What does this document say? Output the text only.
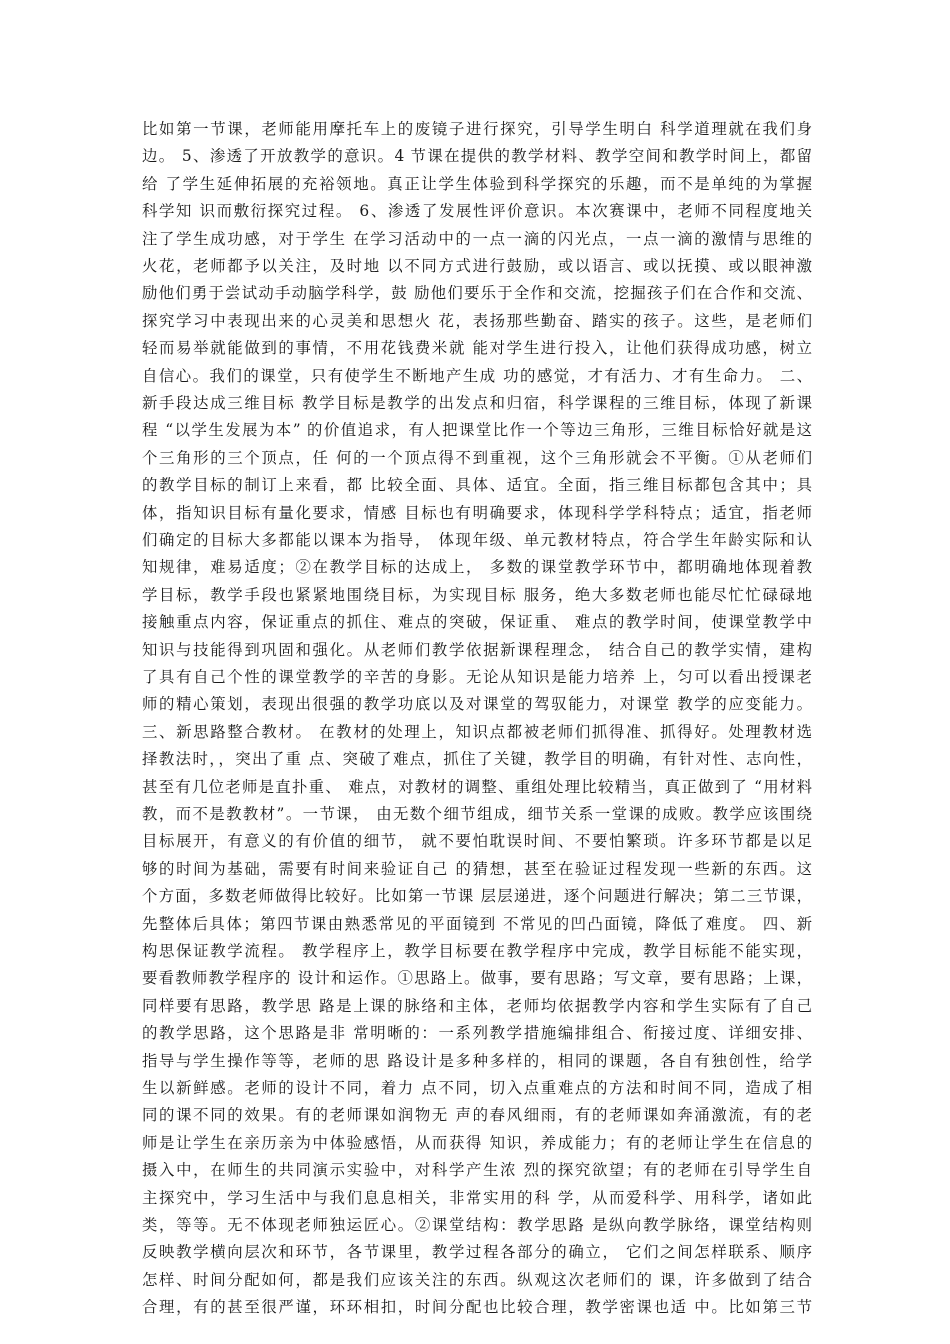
比如第一节课，老师能用摩托车上的废镜子进行探究，引导学生明白 科学道理就在我们身
边。 5、渗透了开放教学的意识。4 节课在提供的教学材料、教学空间和教学时间上，都留
给 了学生延伸拓展的充裕领地。真正让学生体验到科学探究的乐趣，而不是单纯的为掌握
科学知 识而敷衍探究过程。 6、渗透了发展性评价意识。本次赛课中，老师不同程度地关
注了学生成功感，对于学生 在学习活动中的一点一滴的闪光点，一点一滴的激情与思维的
火花，老师都予以关注，及时地 以不同方式进行鼓励，或以语言、或以抚摸、或以眼神激
励他们勇于尝试动手动脑学科学，鼓 励他们要乐于全作和交流，挖掘孩子们在合作和交流、
探究学习中表现出来的心灵美和思想火 花，表扬那些勤奋、踏实的孩子。这些，是老师们
轻而易举就能做到的事情，不用花钱费米就 能对学生进行投入，让他们获得成功感，树立
自信心。我们的课堂，只有使学生不断地产生成 功的感觉，才有活力、才有生命力。 二、
新手段达成三维目标 教学目标是教学的出发点和归宿，科学课程的三维目标，体现了新课
程 “以学生发展为本” 的价值追求，有人把课堂比作一个等边三角形，三维目标恰好就是这
个三角形的三个顶点，任 何的一个顶点得不到重视，这个三角形就会不平衡。①从老师们
的教学目标的制订上来看，都 比较全面、具体、适宜。全面，指三维目标都包含其中；具
体，指知识目标有量化要求，情感 目标也有明确要求，体现科学学科特点；适宜，指老师
们确定的目标大多都能以课本为指导， 体现年级、单元教材特点，符合学生年龄实际和认
知规律，难易适度；②在教学目标的达成上， 多数的课堂教学环节中，都明确地体现着教
学目标，教学手段也紧紧地围绕目标，为实现目标 服务，绝大多数老师也能尽忙忙碌碌地
接触重点内容，保证重点的抓住、难点的突破，保证重、 难点的教学时间，使课堂教学中
知识与技能得到巩固和强化。从老师们教学依据新课程理念， 结合自己的教学实情，建构
了具有自己个性的课堂教学的辛苦的身影。无论从知识是能力培养 上，匀可以看出授课老
师的精心策划，表现出很强的教学功底以及对课堂的驾驭能力，对课堂 教学的应变能力。
三、新思路整合教材。 在教材的处理上，知识点都被老师们抓得准、抓得好。处理教材选
择教法时，，突出了重 点、突破了难点，抓住了关键，教学目的明确，有针对性、志向性，
甚至有几位老师是直扑重、 难点，对教材的调整、重组处理比较精当，真正做到了 “用材料
教，而不是教教材”。一节课， 由无数个细节组成，细节关系一堂课的成败。教学应该围绕
目标展开，有意义的有价值的细节， 就不要怕耽误时间、不要怕繁琐。许多环节都是以足
够的时间为基础，需要有时间来验证自己 的猜想，甚至在验证过程发现一些新的东西。这
个方面，多数老师做得比较好。比如第一节课 层层递进，逐个问题进行解决；第二三节课，
先整体后具体；第四节课由熟悉常见的平面镜到 不常见的凹凸面镜，降低了难度。 四、新
构思保证教学流程。 教学程序上，教学目标要在教学程序中完成，教学目标能不能实现，
要看教师教学程序的 设计和运作。①思路上。做事，要有思路；写文章，要有思路；上课，
同样要有思路，教学思 路是上课的脉络和主体，老师均依据教学内容和学生实际有了自己
的教学思路，这个思路是非 常明晰的：一系列教学措施编排组合、衔接过度、详细安排、
指导与学生操作等等，老师的思 路设计是多种多样的，相同的课题，各自有独创性，给学
生以新鲜感。老师的设计不同，着力 点不同，切入点重难点的方法和时间不同，造成了相
同的课不同的效果。有的老师课如润物无 声的春风细雨，有的老师课如奔涌激流，有的老
师是让学生在亲历亲为中体验感悟，从而获得 知识，养成能力；有的老师让学生在信息的
摄入中，在师生的共同演示实验中，对科学产生浓 烈的探究欲望；有的老师在引导学生自
主探究中，学习生活中与我们息息相关，非常实用的科 学，从而爱科学、用科学，诸如此
类，等等。无不体现老师独运匠心。②课堂结构：教学思路 是纵向教学脉络，课堂结构则
反映教学横向层次和环节，各节课里，教学过程各部分的确立， 它们之间怎样联系、顺序
怎样、时间分配如何，都是我们应该关注的东西。纵观这次老师们的 课，许多做到了结合
合理，有的甚至很严谨，环环相扣，时间分配也比较合理，教学密课也适 中。比如第三节
